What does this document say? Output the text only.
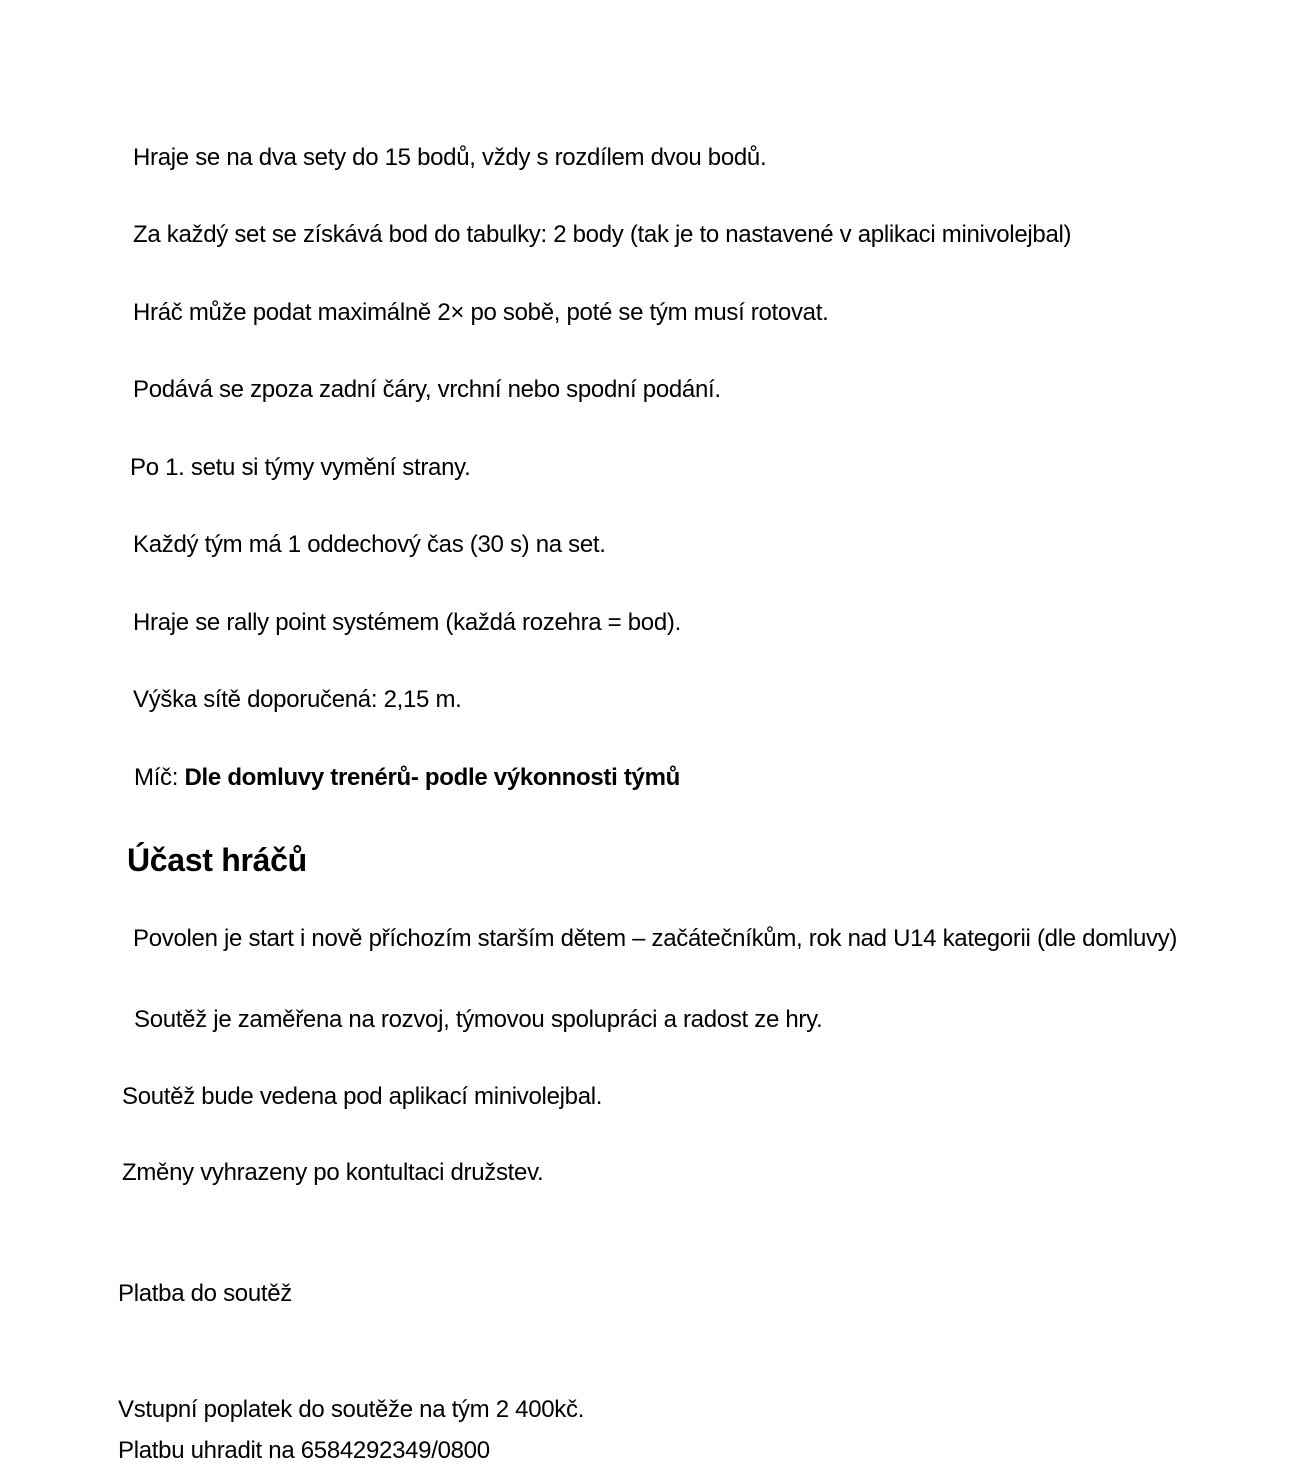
Hraje se na dva sety do 15 bodů, vždy s rozdílem dvou bodů.

Za každý set se získává bod do tabulky: 2 body (tak je to nastavené v aplikaci minivolejbal)

Hráč může podat maximálně 2× po sobě, poté se tým musí rotovat.

Podává se zpoza zadní čáry, vrchní nebo spodní podání.

Po 1. setu si týmy vymění strany.

Každý tým má 1 oddechový čas (30 s) na set.

Hraje se rally point systémem (každá rozehra = bod).

Výška sítě doporučená: 2,15 m.

Míč: Dle domluvy trenérů- podle výkonnosti týmů

Účast hráčů

Povolen je start i nově příchozím starším dětem – začátečníkům, rok nad U14 kategorii (dle domluvy)

Soutěž je zaměřena na rozvoj, týmovou spolupráci a radost ze hry.

Soutěž bude vedena pod aplikací minivolejbal.

Změny vyhrazeny po kontultaci družstev.

Platba do soutěž

Vstupní poplatek do soutěže na tým 2 400kč.

Platbu uhradit na 6584292349/0800
